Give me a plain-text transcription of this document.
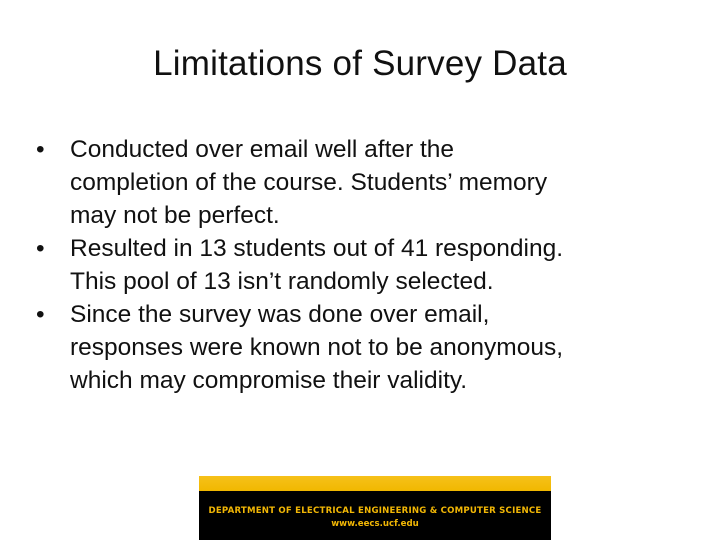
Limitations of Survey Data
•	Conducted over email well after the
completion of the course. Students’ memory
may not be perfect.
•	Resulted in 13 students out of 41 responding.
This pool of 13 isn’t randomly selected.
•	Since the survey was done over email,
responses were known not to be anonymous,
which may compromise their validity.
DEPARTMENT OF ELECTRICAL ENGINEERING & COMPUTER SCIENCE
www.eecs.ucf.edu
